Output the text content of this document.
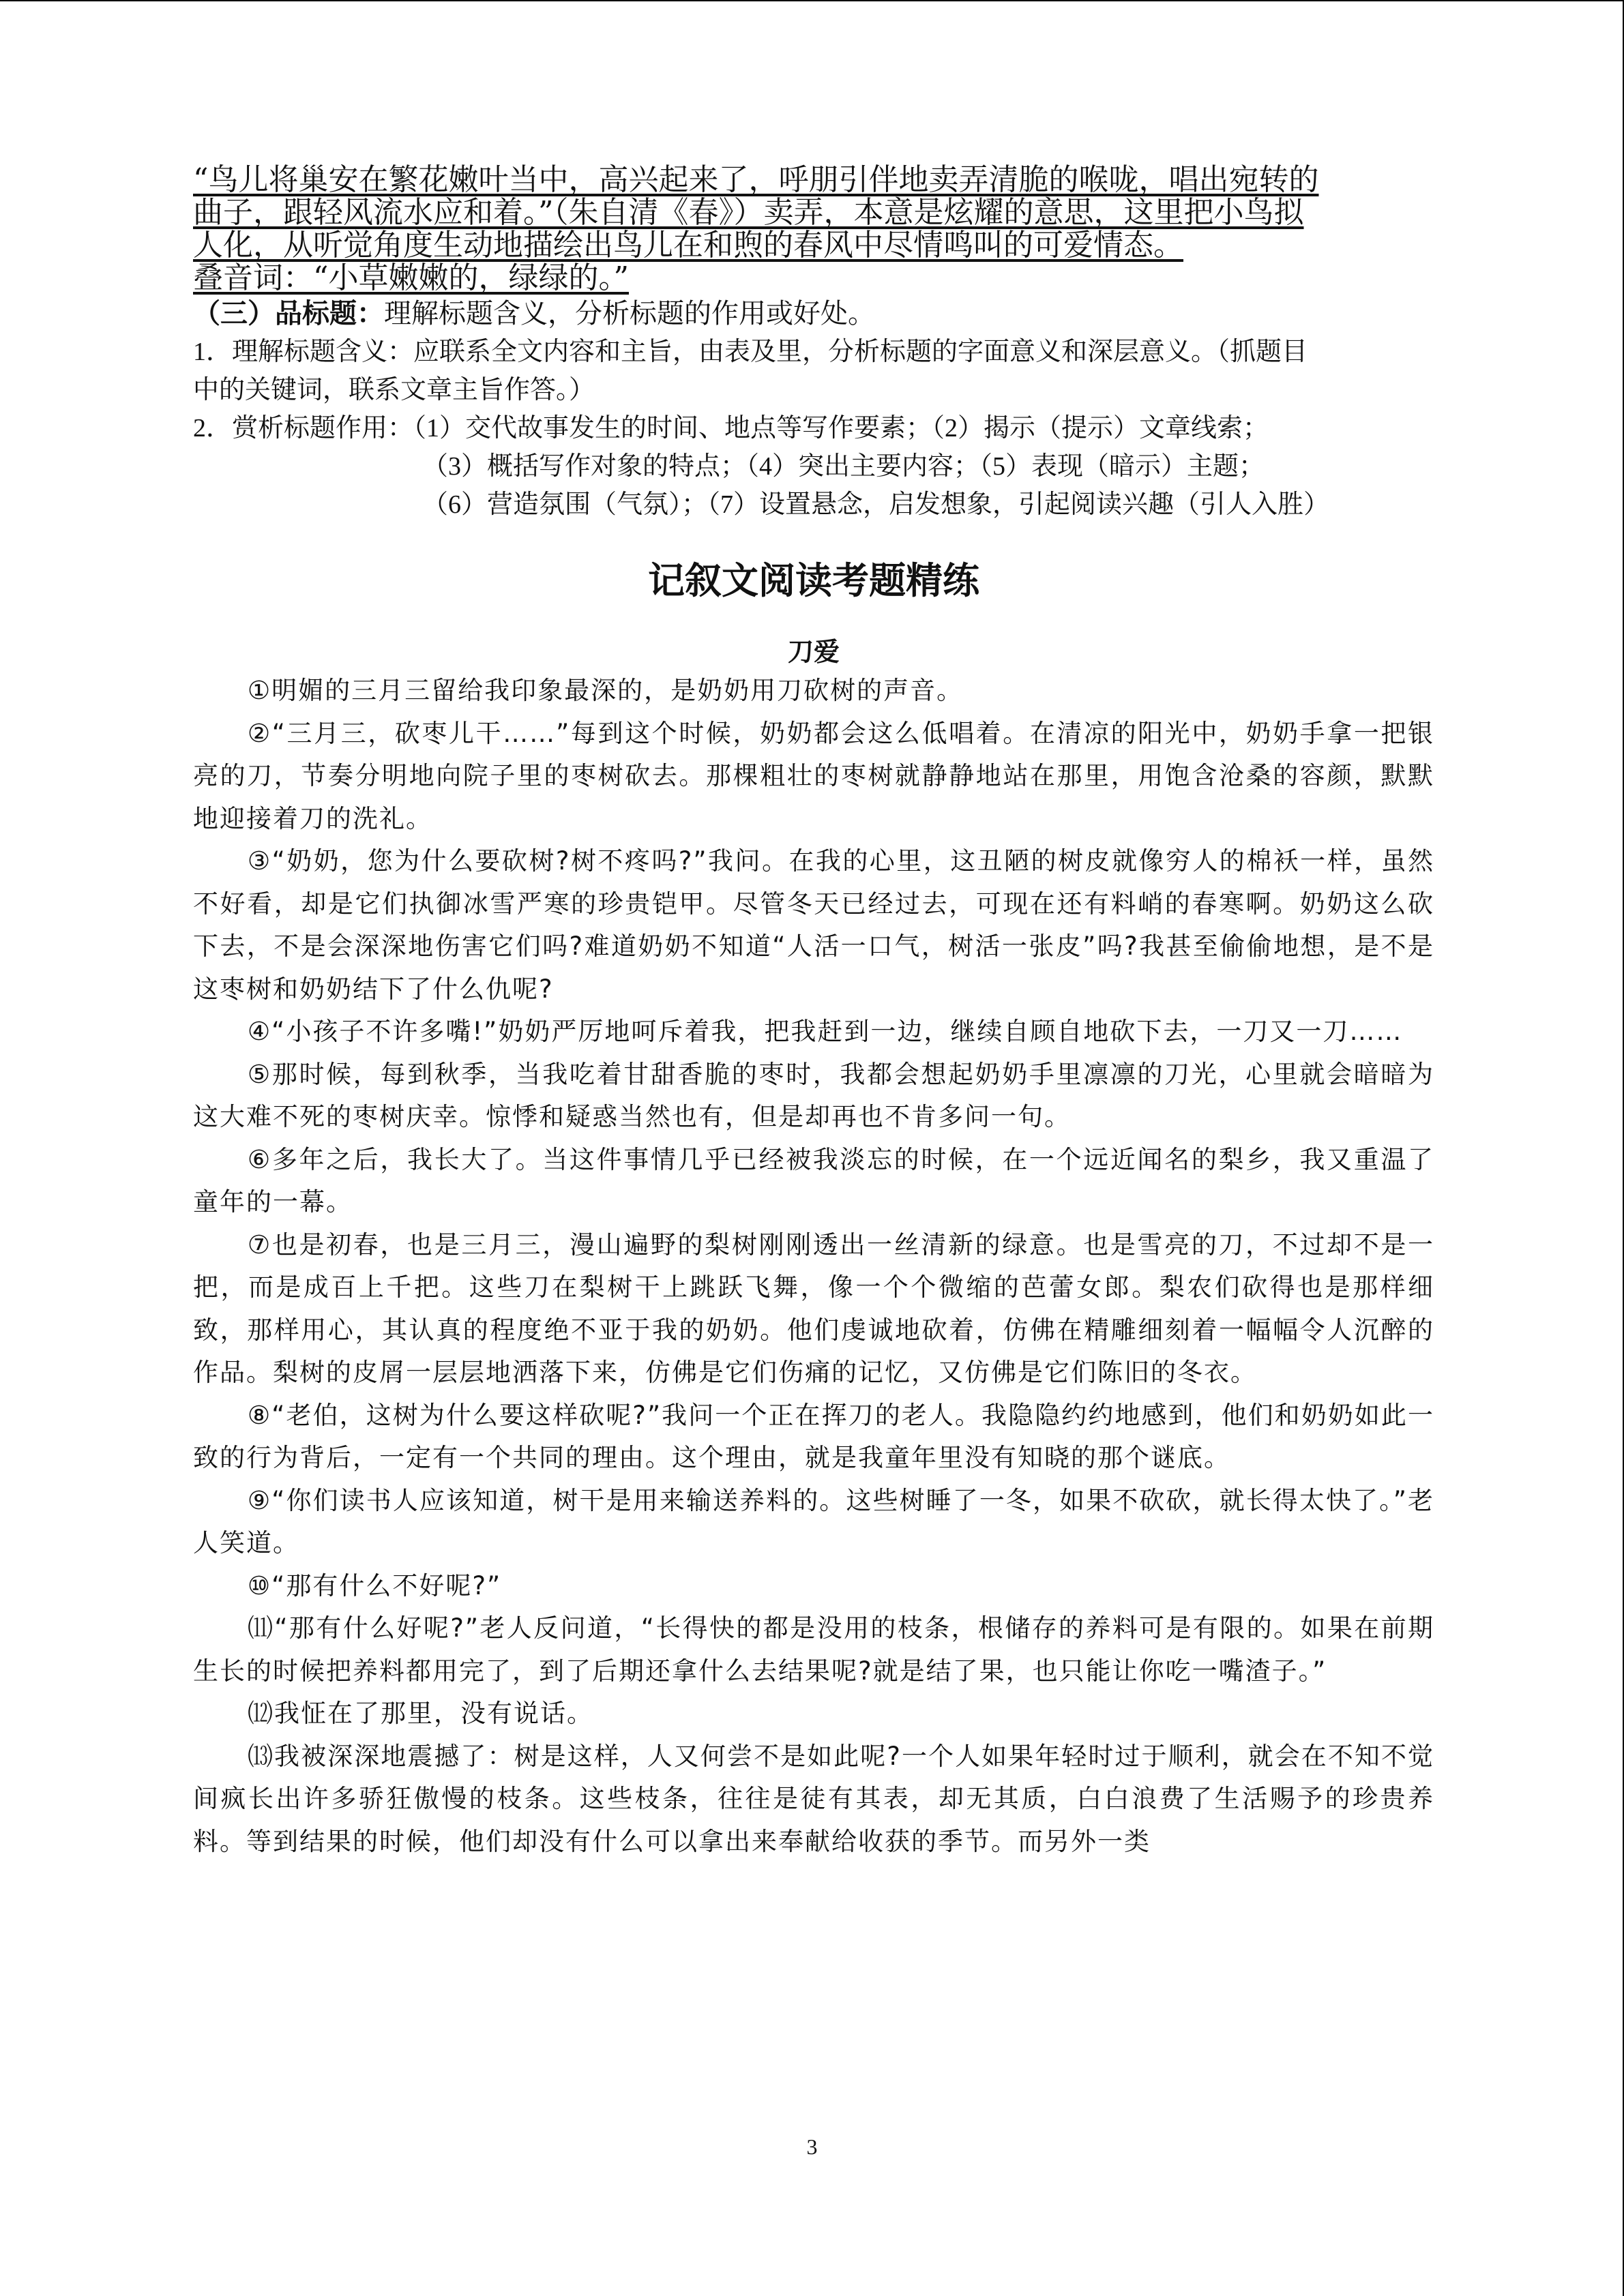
“鸟儿将巢安在繁花嫩叶当中，高兴起来了，呼朋引伴地卖弄清脆的喉咙，唱出宛转的
曲子，跟轻风流水应和着。”（朱自清《春》）卖弄，本意是炫耀的意思，这里把小鸟拟
人化，从听觉角度生动地描绘出鸟儿在和煦的春风中尽情鸣叫的可爱情态。
叠音词：“小草嫩嫩的，绿绿的。”
（三）品标题：理解标题含义，分析标题的作用或好处。
1．理解标题含义：应联系全文内容和主旨，由表及里，分析标题的字面意义和深层意义。（抓题目
中的关键词，联系文章主旨作答。）
2．赏析标题作用：（1）交代故事发生的时间、地点等写作要素；（2）揭示（提示）文章线索；
（3）概括写作对象的特点；（4）突出主要内容；（5）表现（暗示）主题；
（6）营造氛围（气氛）；（7）设置悬念，启发想象，引起阅读兴趣（引人入胜）
记叙文阅读考题精练
刀爱

①明媚的三月三留给我印象最深的，是奶奶用刀砍树的声音。

②“三月三，砍枣儿干……”每到这个时候，奶奶都会这么低唱着。在清凉的阳光中，奶奶手拿一把银亮的刀，节奏分明地向院子里的枣树砍去。那棵粗壮的枣树就静静地站在那里，用饱含沧桑的容颜，默默地迎接着刀的洗礼。

③“奶奶，您为什么要砍树?树不疼吗?”我问。在我的心里，这丑陋的树皮就像穷人的棉袄一样，虽然不好看，却是它们执御冰雪严寒的珍贵铠甲。尽管冬天已经过去，可现在还有料峭的春寒啊。奶奶这么砍下去，不是会深深地伤害它们吗?难道奶奶不知道“人活一口气，树活一张皮”吗?我甚至偷偷地想，是不是这枣树和奶奶结下了什么仇呢?

④“小孩子不许多嘴!”奶奶严厉地呵斥着我，把我赶到一边，继续自顾自地砍下去，一刀又一刀……

⑤那时候，每到秋季，当我吃着甘甜香脆的枣时，我都会想起奶奶手里凛凛的刀光，心里就会暗暗为这大难不死的枣树庆幸。惊悸和疑惑当然也有，但是却再也不肯多问一句。

⑥多年之后，我长大了。当这件事情几乎已经被我淡忘的时候，在一个远近闻名的梨乡，我又重温了童年的一幕。

⑦也是初春，也是三月三，漫山遍野的梨树刚刚透出一丝清新的绿意。也是雪亮的刀，不过却不是一把，而是成百上千把。这些刀在梨树干上跳跃飞舞，像一个个微缩的芭蕾女郎。梨农们砍得也是那样细致，那样用心，其认真的程度绝不亚于我的奶奶。他们虔诚地砍着，仿佛在精雕细刻着一幅幅令人沉醉的作品。梨树的皮屑一层层地洒落下来，仿佛是它们伤痛的记忆，又仿佛是它们陈旧的冬衣。

⑧“老伯，这树为什么要这样砍呢?”我问一个正在挥刀的老人。我隐隐约约地感到，他们和奶奶如此一致的行为背后，一定有一个共同的理由。这个理由，就是我童年里没有知晓的那个谜底。

⑨“你们读书人应该知道，树干是用来输送养料的。这些树睡了一冬，如果不砍砍，就长得太快了。”老人笑道。

⑩“那有什么不好呢?”

⑾“那有什么好呢?”老人反问道，“长得快的都是没用的枝条，根储存的养料可是有限的。如果在前期生长的时候把养料都用完了，到了后期还拿什么去结果呢?就是结了果，也只能让你吃一嘴渣子。”

⑿我怔在了那里，没有说话。

⒀我被深深地震撼了：树是这样，人又何尝不是如此呢?一个人如果年轻时过于顺利，就会在不知不觉间疯长出许多骄狂傲慢的枝条。这些枝条，往往是徒有其表，却无其质，白白浪费了生活赐予的珍贵养料。等到结果的时候，他们却没有什么可以拿出来奉献给收获的季节。而另外一类

3
